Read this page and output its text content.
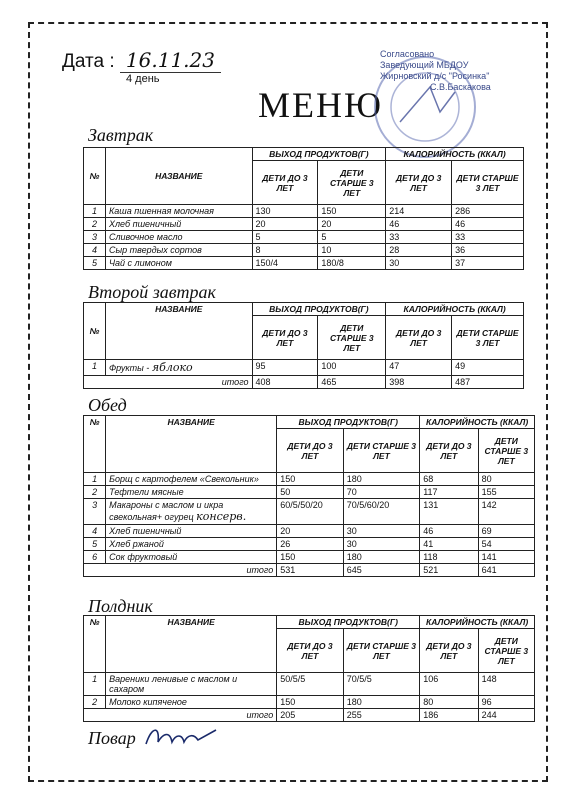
Дата : 16.11.23
4 день
МЕНЮ
Согласовано
Заведующий МБДОУ
Жирновский д/с "Росинка"
С.В.Баскакова
Завтрак
№	НАЗВАНИЕ	ВЫХОД ПРОДУКТОВ(Г)		КАЛОРИЙНОСТЬ (ККАЛ)	
		ДЕТИ ДО 3 ЛЕТ	ДЕТИ СТАРШЕ 3 ЛЕТ	ДЕТИ ДО 3 ЛЕТ	ДЕТИ СТАРШЕ 3 ЛЕТ
1	Каша пшенная молочная	130	150	214	286
2	Хлеб пшеничный	20	20	46	46
3	Сливочное масло	5	5	33	33
4	Сыр твердых сортов	8	10	28	36
5	Чай с лимоном	150/4	180/8	30	37
Второй завтрак
№	НАЗВАНИЕ	ВЫХОД ПРОДУКТОВ(Г)		КАЛОРИЙНОСТЬ (ККАЛ)	
		ДЕТИ ДО 3 ЛЕТ	ДЕТИ СТАРШЕ 3 ЛЕТ	ДЕТИ ДО 3 ЛЕТ	ДЕТИ СТАРШЕ 3 ЛЕТ
1	Фрукты - яблоко	95	100	47	49
итого		408	465	398	487
Обед
№	НАЗВАНИЕ	ВЫХОД ПРОДУКТОВ(Г)		КАЛОРИЙНОСТЬ (ККАЛ)	
		ДЕТИ ДО 3 ЛЕТ	ДЕТИ СТАРШЕ 3 ЛЕТ	ДЕТИ ДО 3 ЛЕТ	ДЕТИ СТАРШЕ 3 ЛЕТ
1	Борщ с картофелем «Свекольник»	150	180	68	80
2	Тефтели мясные	50	70	117	155
3	Макароны с маслом и икра свекольная+ огурец консерв.	60/5/50/20	70/5/60/20	131	142
4	Хлеб пшеничный	20	30	46	69
5	Хлеб ржаной	26	30	41	54
6	Сок фруктовый	150	180	118	141
итого		531	645	521	641
Полдник
№	НАЗВАНИЕ	ВЫХОД ПРОДУКТОВ(Г)		КАЛОРИЙНОСТЬ (ККАЛ)	
		ДЕТИ ДО 3 ЛЕТ	ДЕТИ СТАРШЕ 3 ЛЕТ	ДЕТИ ДО 3 ЛЕТ	ДЕТИ СТАРШЕ 3 ЛЕТ
1	Вареники ленивые с маслом и сахаром	50/5/5	70/5/5	106	148
2	Молоко кипяченое	150	180	80	96
итого		205	255	186	244
Повар
